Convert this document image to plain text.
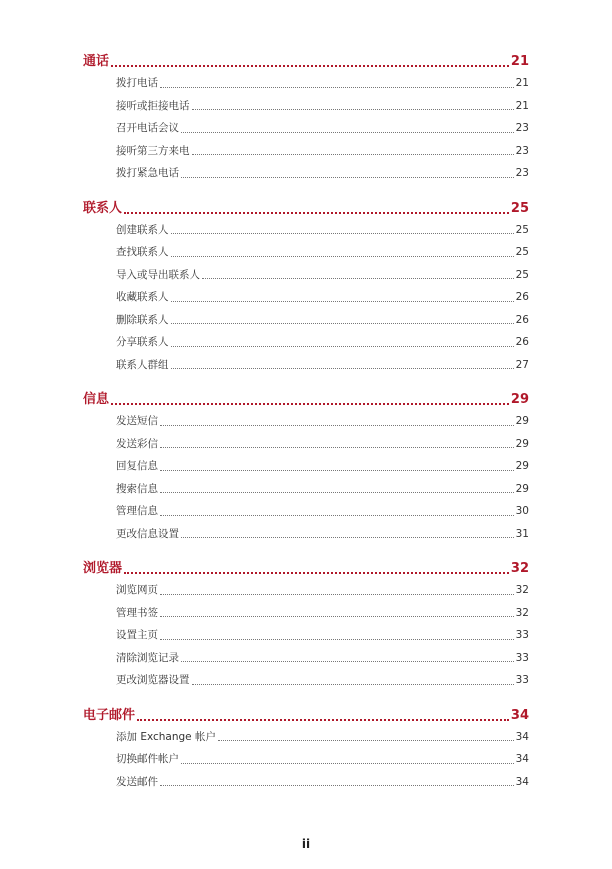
通话	21
拨打电话	21
接听或拒接电话	21
召开电话会议	23
接听第三方来电	23
拨打紧急电话	23
联系人	25
创建联系人	25
查找联系人	25
导入或导出联系人	25
收藏联系人	26
删除联系人	26
分享联系人	26
联系人群组	27
信息	29
发送短信	29
发送彩信	29
回复信息	29
搜索信息	29
管理信息	30
更改信息设置	31
浏览器	32
浏览网页	32
管理书签	32
设置主页	33
清除浏览记录	33
更改浏览器设置	33
电子邮件	34
添加 Exchange 帐户	34
切换邮件帐户	34
发送邮件	34
ii
